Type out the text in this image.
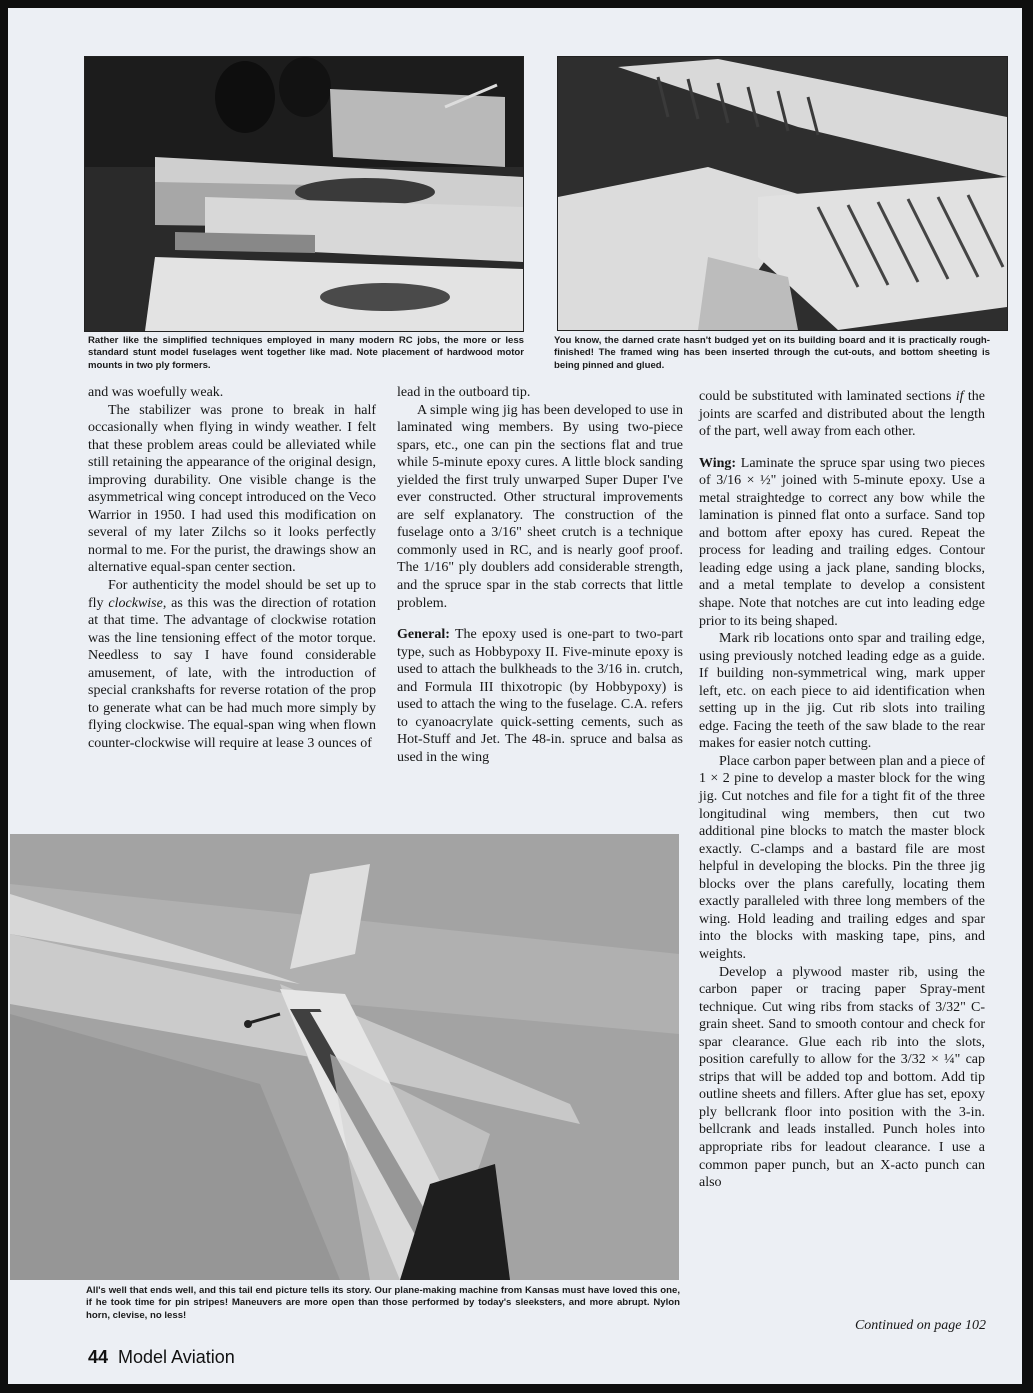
Rather like the simplified techniques employed in many modern RC jobs, the more or less standard stunt model fuselages went together like mad. Note placement of hardwood motor mounts in two ply formers.
You know, the darned crate hasn't budged yet on its building board and it is practically rough-finished! The framed wing has been inserted through the cut-outs, and bottom sheeting is being pinned and glued.

and was woefully weak.

The stabilizer was prone to break in half occasionally when flying in windy weather. I felt that these problem areas could be alleviated while still retaining the appearance of the original design, improving durability. One visible change is the asymmetrical wing concept introduced on the Veco Warrior in 1950. I had used this modification on several of my later Zilchs so it looks perfectly normal to me. For the purist, the drawings show an alternative equal-span center section.

For authenticity the model should be set up to fly clockwise, as this was the direction of rotation at that time. The advantage of clockwise rotation was the line tensioning effect of the motor torque. Needless to say I have found considerable amusement, of late, with the introduction of special crankshafts for reverse rotation of the prop to generate what can be had much more simply by flying clockwise. The equal-span wing when flown counter-clockwise will require at lease 3 ounces of

lead in the outboard tip.

A simple wing jig has been developed to use in laminated wing members. By using two-piece spars, etc., one can pin the sections flat and true while 5-minute epoxy cures. A little block sanding yielded the first truly unwarped Super Duper I've ever constructed. Other structural improvements are self explanatory. The construction of the fuselage onto a 3/16" sheet crutch is a technique commonly used in RC, and is nearly goof proof. The 1/16" ply doublers add considerable strength, and the spruce spar in the stab corrects that little problem.

General: The epoxy used is one-part to two-part type, such as Hobbypoxy II. Five-minute epoxy is used to attach the bulkheads to the 3/16 in. crutch, and Formula III thixotropic (by Hobbypoxy) is used to attach the wing to the fuselage. C.A. refers to cyanoacrylate quick-setting cements, such as Hot-Stuff and Jet. The 48-in. spruce and balsa as used in the wing

could be substituted with laminated sections if the joints are scarfed and distributed about the length of the part, well away from each other.

Wing: Laminate the spruce spar using two pieces of 3/16 × ½" joined with 5-minute epoxy. Use a metal straightedge to correct any bow while the lamination is pinned flat onto a surface. Sand top and bottom after epoxy has cured. Repeat the process for leading and trailing edges. Contour leading edge using a jack plane, sanding blocks, and a metal template to develop a consistent shape. Note that notches are cut into leading edge prior to its being shaped.

Mark rib locations onto spar and trailing edge, using previously notched leading edge as a guide. If building non-symmetrical wing, mark upper left, etc. on each piece to aid identification when setting up in the jig. Cut rib slots into trailing edge. Facing the teeth of the saw blade to the rear makes for easier notch cutting.

Place carbon paper between plan and a piece of 1 × 2 pine to develop a master block for the wing jig. Cut notches and file for a tight fit of the three longitudinal wing members, then cut two additional pine blocks to match the master block exactly. C-clamps and a bastard file are most helpful in developing the blocks. Pin the three jig blocks over the plans carefully, locating them exactly paralleled with three long members of the wing. Hold leading and trailing edges and spar into the blocks with masking tape, pins, and weights.

Develop a plywood master rib, using the carbon paper or tracing paper Spray-ment technique. Cut wing ribs from stacks of 3/32" C-grain sheet. Sand to smooth contour and check for spar clearance. Glue each rib into the slots, position carefully to allow for the 3/32 × ¼" cap strips that will be added top and bottom. Add tip outline sheets and fillers. After glue has set, epoxy ply bellcrank floor into position with the 3-in. bellcrank and leads installed. Punch holes into appropriate ribs for leadout clearance. I use a common paper punch, but an X-acto punch can also

Continued on page 102
All's well that ends well, and this tail end picture tells its story. Our plane-making machine from Kansas must have loved this one, if he took time for pin stripes! Maneuvers are more open than those performed by today's sleeksters, and more abrupt. Nylon horn, clevise, no less!
44 Model Aviation
